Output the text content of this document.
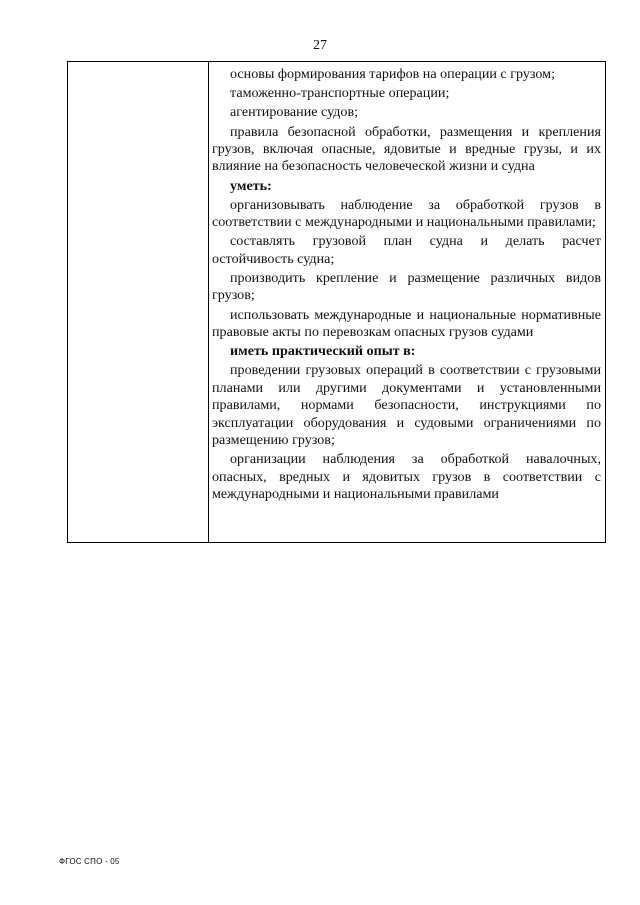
27

основы формирования тарифов на операции с грузом;

таможенно-транспортные операции;

агентирование судов;

правила безопасной обработки, размещения и крепления грузов, включая опасные, ядовитые и вредные грузы, и их влияние на безопасность человеческой жизни и судна

уметь:

организовывать наблюдение за обработкой грузов в соответствии с международными и национальными правилами;

составлять грузовой план судна и делать расчет остойчивость судна;

производить крепление и размещение различных видов грузов;

использовать международные и национальные нормативные правовые акты по перевозкам опасных грузов судами

иметь практический опыт в:

проведении грузовых операций в соответствии с грузовыми планами или другими документами и установленными правилами, нормами безопасности, инструкциями по эксплуатации оборудования и судовыми ограничениями по размещению грузов;

организации наблюдения за обработкой навалочных, опасных, вредных и ядовитых грузов в соответствии с международными и национальными правилами

ФГОС СПО - 05
